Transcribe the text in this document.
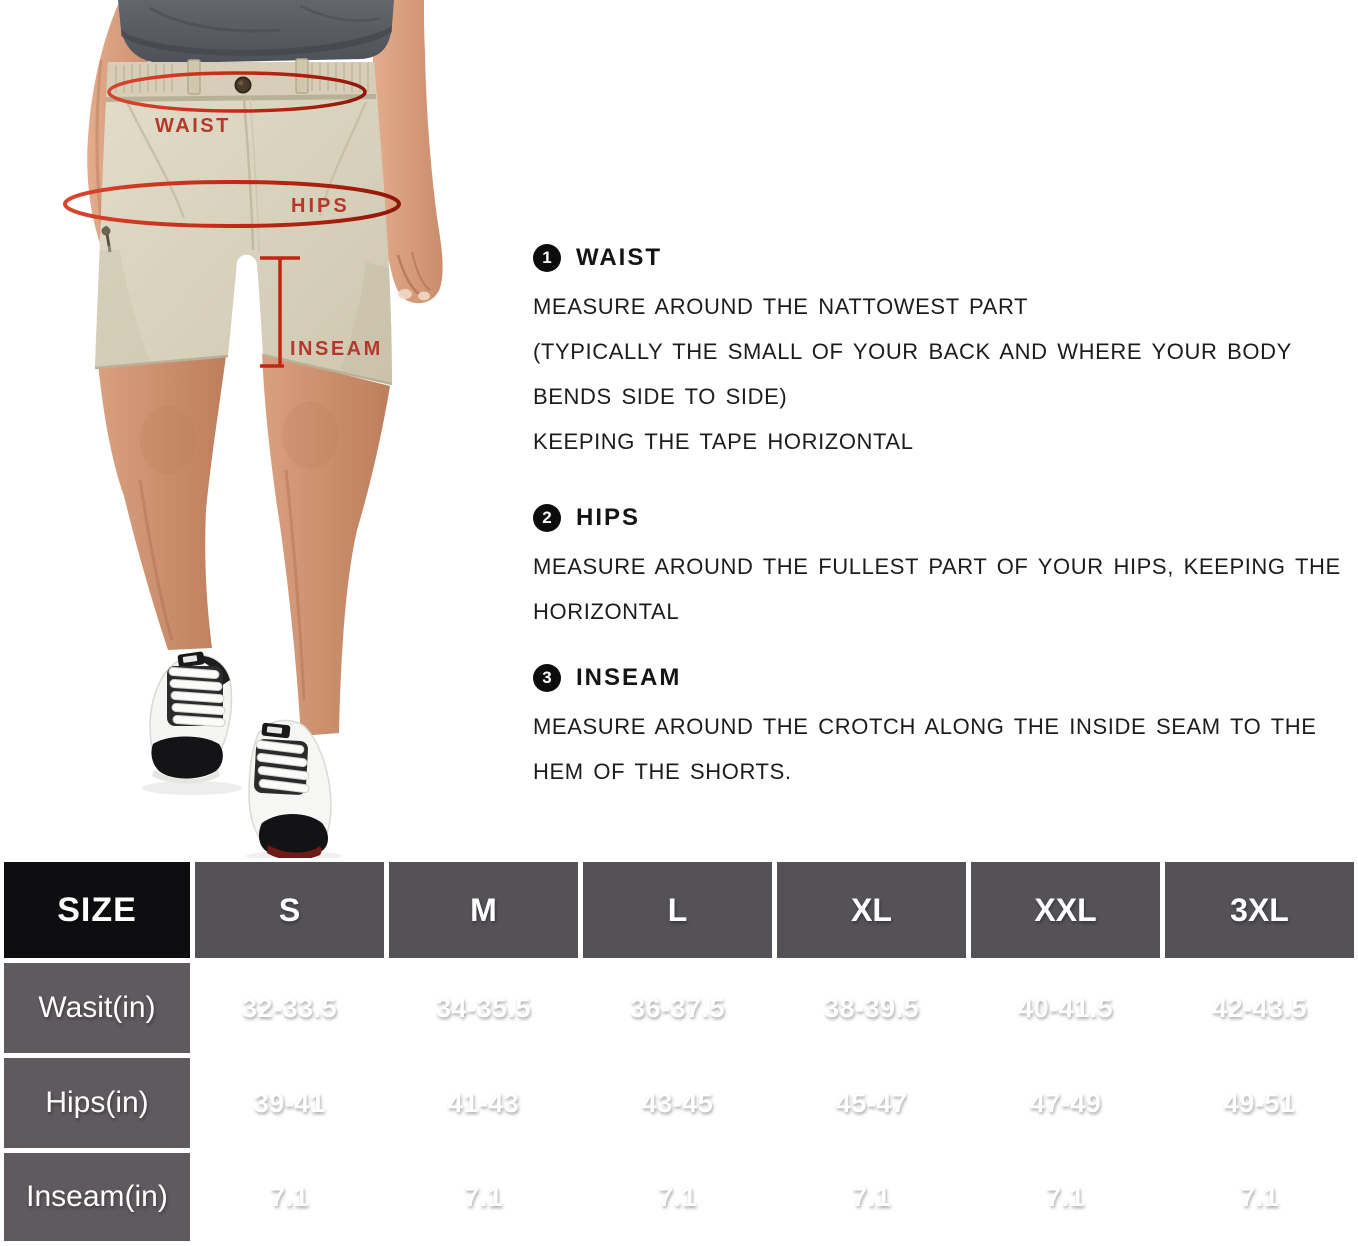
WAIST
HIPS
INSEAM
1	WAIST
MEASURE AROUND THE NATTOWEST PART
(TYPICALLY THE SMALL OF YOUR BACK AND WHERE YOUR BODY
BENDS SIDE TO SIDE)
KEEPING THE TAPE HORIZONTAL
2	HIPS
MEASURE AROUND THE FULLEST PART OF YOUR HIPS, KEEPING THE
HORIZONTAL
3	INSEAM
MEASURE AROUND THE CROTCH ALONG THE INSIDE SEAM TO THE
HEM OF THE SHORTS.
SIZE	S	M	L	XL	XXL	3XL
Wasit(in)	32-33.5	34-35.5	36-37.5	38-39.5	40-41.5	42-43.5
Hips(in)	39-41	41-43	43-45	45-47	47-49	49-51
Inseam(in)	7.1	7.1	7.1	7.1	7.1	7.1
